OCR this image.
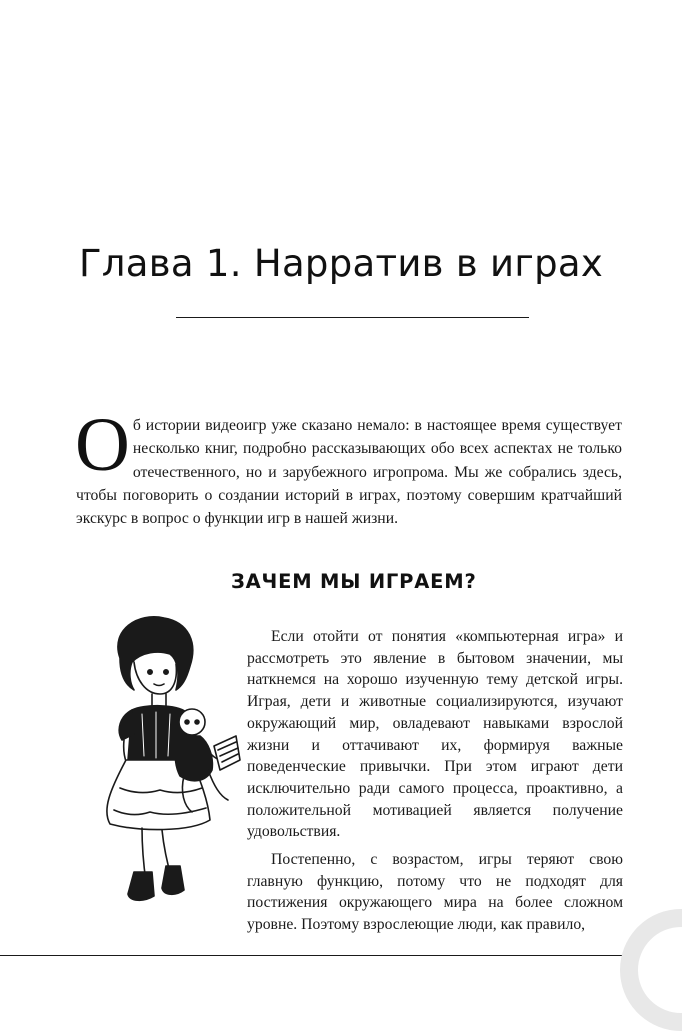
Глава 1. Нарратив в играх

Об истории видеоигр уже сказано немало: в настоящее время существует несколько книг, подробно рассказывающих обо всех аспектах не только отечественного, но и зарубежного игропрома. Мы же собрались здесь, чтобы поговорить о создании историй в играх, поэтому совершим кратчайший экскурс в вопрос о функции игр в нашей жизни.

ЗАЧЕМ МЫ ИГРАЕМ?

Если отойти от понятия «компьютерная игра» и рассмотреть это явление в бытовом значении, мы наткнемся на хорошо изученную тему детской игры. Играя, дети и животные социализируются, изучают окружающий мир, овладевают навыками взрослой жизни и оттачивают их, формируя важные поведенческие привычки. При этом играют дети исключительно ради самого процесса, проактивно, а положительной мотивацией является получение удовольствия.

Постепенно, с возрастом, игры теряют свою главную функцию, потому что не подходят для постижения окружающего мира на более сложном уровне. Поэтому взрослеющие люди, как правило,
